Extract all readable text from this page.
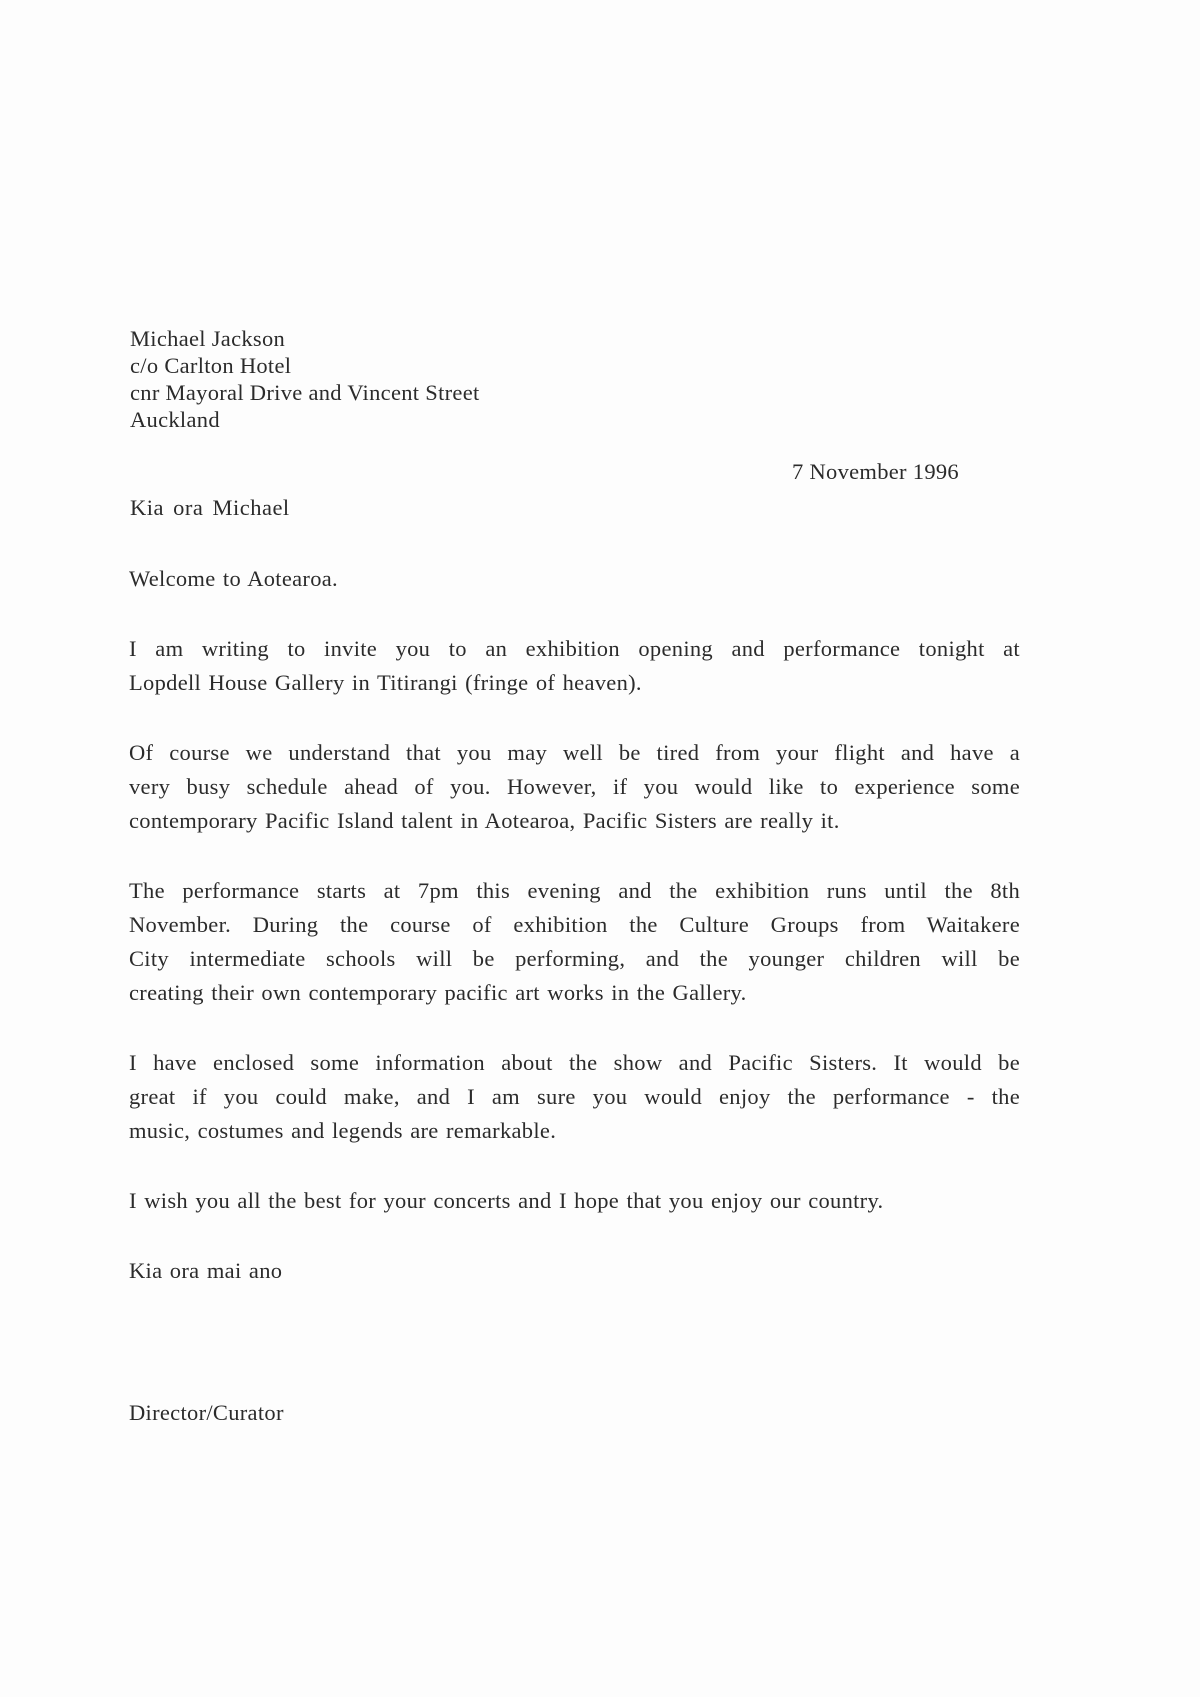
Michael Jackson
c/o Carlton Hotel
cnr Mayoral Drive and Vincent Street
Auckland
7 November 1996
Kia ora Michael
Welcome to Aotearoa.
I am writing to invite you to an exhibition opening and performance tonight at
Lopdell House Gallery in Titirangi (fringe of heaven).
Of course we understand that you may well be tired from your flight and have a
very busy schedule ahead of you. However, if you would like to experience some
contemporary Pacific Island talent in Aotearoa, Pacific Sisters are really it.
The performance starts at 7pm this evening and the exhibition runs until the 8th
November. During the course of exhibition the Culture Groups from Waitakere
City intermediate schools will be performing, and the younger children will be
creating their own contemporary pacific art works in the Gallery.
I have enclosed some information about the show and Pacific Sisters. It would be
great if you could make, and I am sure you would enjoy the performance - the
music, costumes and legends are remarkable.
I wish you all the best for your concerts and I hope that you enjoy our country.
Kia ora mai ano
Director/Curator
